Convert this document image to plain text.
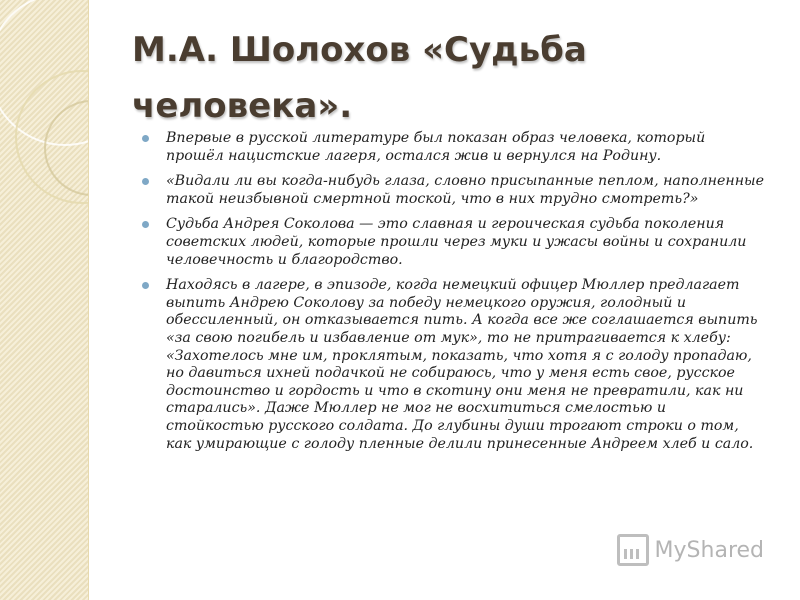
М.А. Шолохов «Судьба человека».
Впервые в русской литературе был показан образ человека, который прошёл нацистские лагеря, остался жив и вернулся на Родину.
«Видали ли вы когда-нибудь глаза, словно присыпанные пеплом, наполненные такой неизбывной смертной тоской, что в них трудно смотреть?»
Судьба Андрея Соколова — это славная и героическая судьба поколения советских людей, которые прошли через муки и ужасы войны и сохранили человечность и благородство.
Находясь в лагере, в эпизоде, когда немецкий офицер Мюллер предлагает выпить Андрею Соколову за победу немецкого оружия, голодный и обессиленный, он отказывается пить. А когда все же соглашается выпить «за свою погибель и избавление от мук», то не притрагивается к хлебу: «Захотелось мне им, проклятым, показать, что хотя я с голоду пропадаю, но давиться ихней подачкой не собираюсь, что у меня есть свое, русское достоинство и гордость и что в скотину они меня не превратили, как ни старались». Даже Мюллер не мог не восхититься смелостью и стойкостью русского солдата. До глубины души трогают строки о том, как умирающие с голоду пленные делили принесенные Андреем хлеб и сало.
MyShared
